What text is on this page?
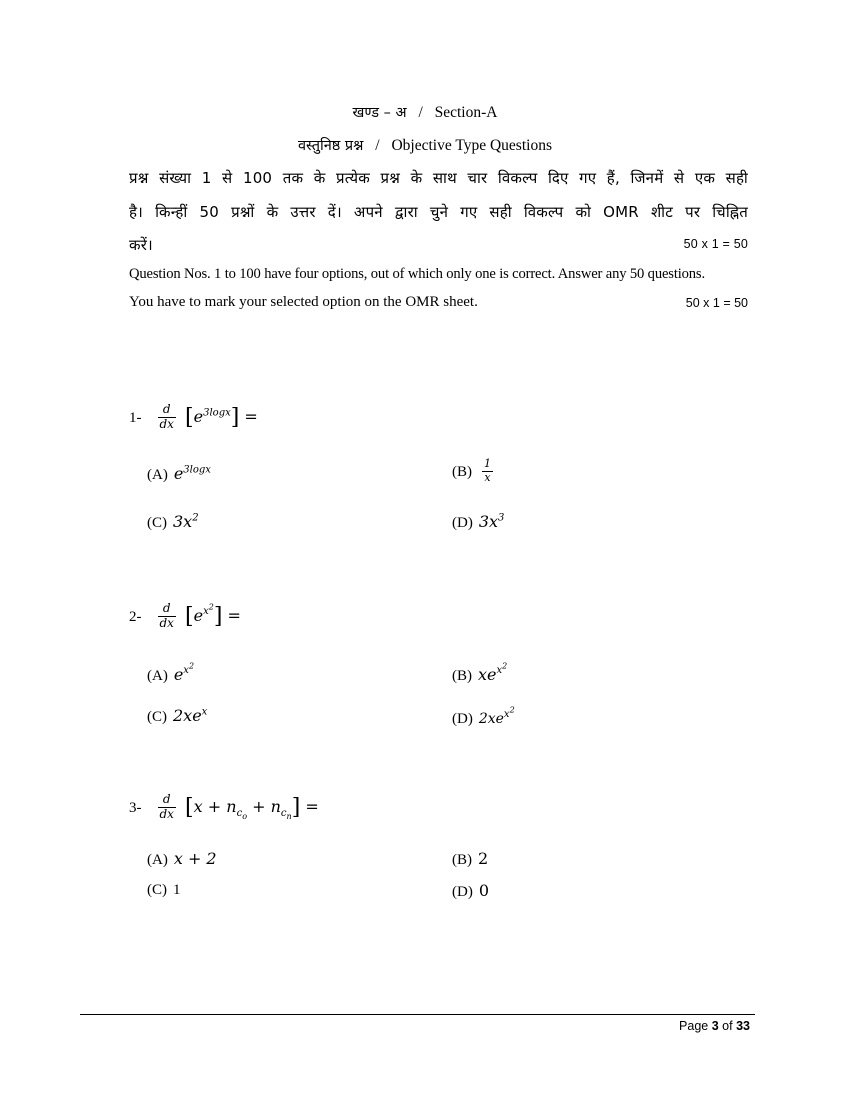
खण्ड – अ / Section-A
वस्तुनिष्ठ प्रश्न / Objective Type Questions
प्रश्न संख्या 1 से 100 तक के प्रत्येक प्रश्न के साथ चार विकल्प दिए गए हैं, जिनमें से एक सही
है। किन्हीं 50 प्रश्नों के उत्तर दें। अपने द्वारा चुने गए सही विकल्प को OMR शीट पर चिह्नित
करें।	50 x 1 = 50
Question Nos. 1 to 100 have four options, out of which only one is correct. Answer any 50 questions.
You have to mark your selected option on the OMR sheet.	50 x 1 = 50
$1- \frac{d}{dx} [e^{3logx}]$ =
(A) $e^{3logx}$	$(B) \frac{1}{x}$
(C) $3x^2$	(D) $3x^3$
$2- \frac{d}{dx} [e^{x^2}]$ =
(A) $e^{x^2}$
(B) $xe^{x^2}$
(C) $2xe^x$	(D) $2xe^{x^2}$
$3- \frac{d}{dx} [x + n_{c_o} + n_{c_n}]$ =
(A) x + 2	(B) 2
(C) 1	(D) 0
Page 3 of 33
